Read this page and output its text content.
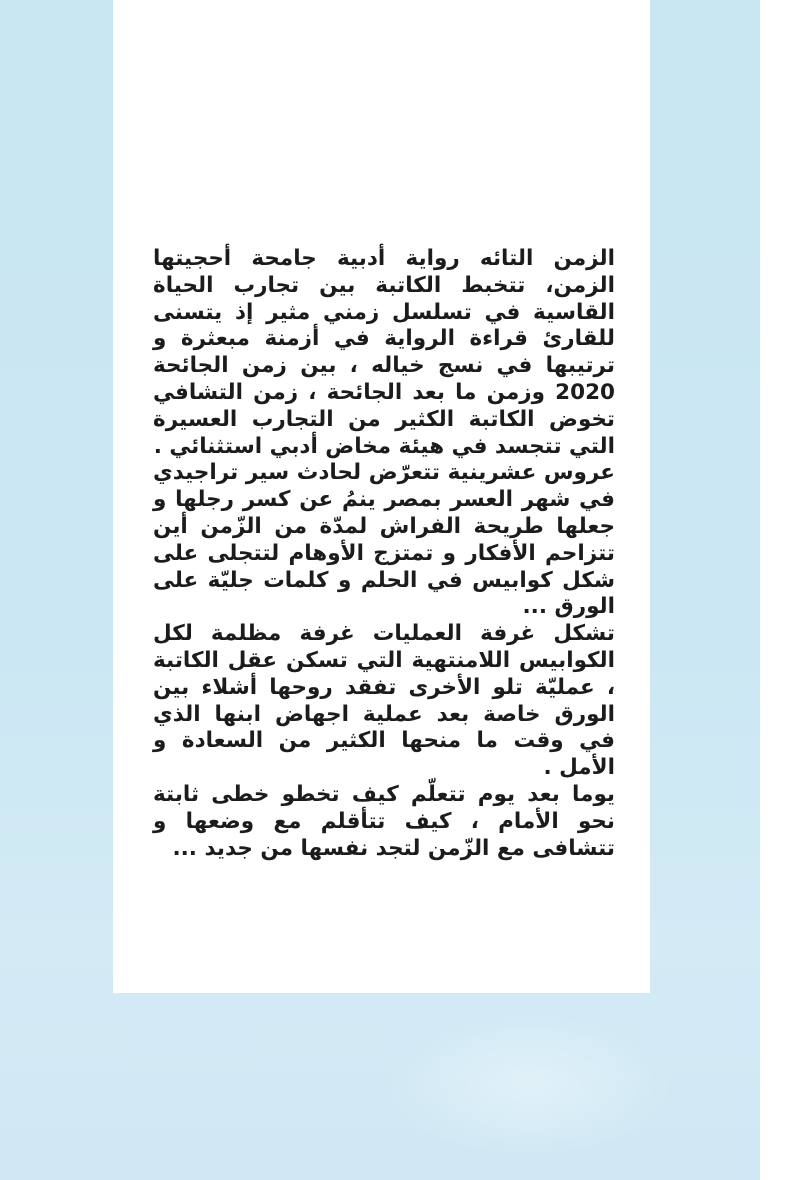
الزمن التائه رواية أدبية جامحة أحجيتها الزمن، تتخبط الكاتبة بين تجارب الحياة القاسية في تسلسل زمني مثير إذ يتسنى للقارئ قراءة الرواية في أزمنة مبعثرة و ترتيبها في نسج خياله ، بين زمن الجائحة 2020 وزمن ما بعد الجائحة ، زمن التشافي تخوض الكاتبة الكثير من التجارب العسيرة التي تتجسد في هيئة مخاض أدبي استثنائي .

عروس عشرينية تتعرّض لحادث سير تراجيدي في شهر العسر بمصر ينمُ عن كسر رجلها و جعلها طريحة الفراش لمدّة من الزّمن أين تتزاحم الأفكار و تمتزج الأوهام لتتجلى على شكل كوابيس في الحلم و كلمات جليّة على الورق ...

تشكل غرفة العمليات غرفة مظلمة لكل الكوابيس اللامنتهية التي تسكن عقل الكاتبة ، عمليّة تلو الأخرى تفقد روحها أشلاء بين الورق خاصة بعد عملية اجهاض ابنها الذي في وقت ما منحها الكثير من السعادة و الأمل .

يوما بعد يوم تتعلّم كيف تخطو خطى ثابتة نحو الأمام ، كيف تتأقلم مع وضعها و تتشافى مع الزّمن لتجد نفسها من جديد ...
